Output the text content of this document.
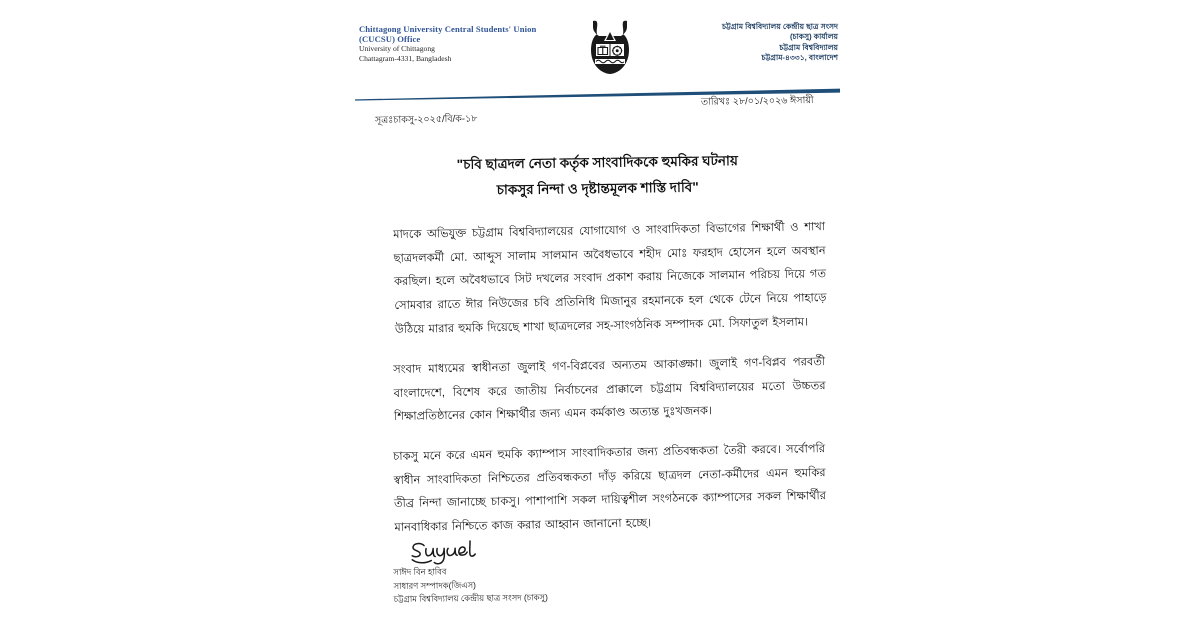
Chittagong University Central Students' Union
(CUCSU) Office
University of Chittagong
Chattagram-4331, Bangladesh
চট্টগ্রাম বিশ্ববিদ্যালয় কেন্দ্রীয় ছাত্র সংসদ
(চাকসু) কার্যালয়
চট্টগ্রাম বিশ্ববিদ্যালয়
চট্টগ্রাম-৪৩৩১, বাংলাদেশ
সূত্রঃচাকসু-২০২৫/বি/ক-১৮
তারিখঃ ২৮/০১/২০২৬ ঈসায়ী
"চবি ছাত্রদল নেতা কর্তৃক সাংবাদিককে হুমকির ঘটনায়
চাকসুর নিন্দা ও দৃষ্টান্তমূলক শাস্তি দাবি"

মাদকে অভিযুক্ত চট্টগ্রাম বিশ্ববিদ্যালয়ের যোগাযোগ ও সাংবাদিকতা বিভাগের শিক্ষার্থী ও শাখা ছাত্রদলকর্মী মো. আব্দুস সালাম সালমান অবৈধভাবে শহীদ মোঃ ফরহাদ হোসেন হলে অবস্থান করছিল। হলে অবৈধভাবে সিট দখলের সংবাদ প্রকাশ করায় নিজেকে সালমান পরিচয় দিয়ে গত সোমবার রাতে ঈার নিউজের চবি প্রতিনিধি মিজানুর রহমানকে হল থেকে টেনে নিয়ে পাহাড়ে উঠিয়ে মারার হুমকি দিয়েছে শাখা ছাত্রদলের সহ-সাংগঠনিক সম্পাদক মো. সিফাতুল ইসলাম।

সংবাদ মাধ্যমের স্বাধীনতা জুলাই গণ-বিপ্লবের অন্যতম আকাঙ্ক্ষা। জুলাই গণ-বিপ্লব পরবর্তী বাংলাদেশে, বিশেষ করে জাতীয় নির্বাচনের প্রাক্কালে চট্টগ্রাম বিশ্ববিদ্যালয়ের মতো উচ্চতর শিক্ষাপ্রতিষ্ঠানের কোন শিক্ষার্থীর জন্য এমন কর্মকাণ্ড অত্যন্ত দুঃখজনক।

চাকসু মনে করে এমন হুমকি ক্যাম্পাস সাংবাদিকতার জন্য প্রতিবন্ধকতা তৈরী করবে। সর্বোপরি স্বাধীন সাংবাদিকতা নিশ্চিতের প্রতিবন্ধকতা দাঁড় করিয়ে ছাত্রদল নেতা-কর্মীদের এমন হুমকির তীব্র নিন্দা জানাচ্ছে চাকসু। পাশাপাশি সকল দায়িত্বশীল সংগঠনকে ক্যাম্পাসের সকল শিক্ষার্থীর মানবাধিকার নিশ্চিতে কাজ করার আহ্বান জানানো হচ্ছে।

সাঈদ বিন হাবিব
সাধারণ সম্পাদক(জিএস)
চট্টগ্রাম বিশ্ববিদ্যালয় কেন্দ্রীয় ছাত্র সংসদ (চাকসু)
